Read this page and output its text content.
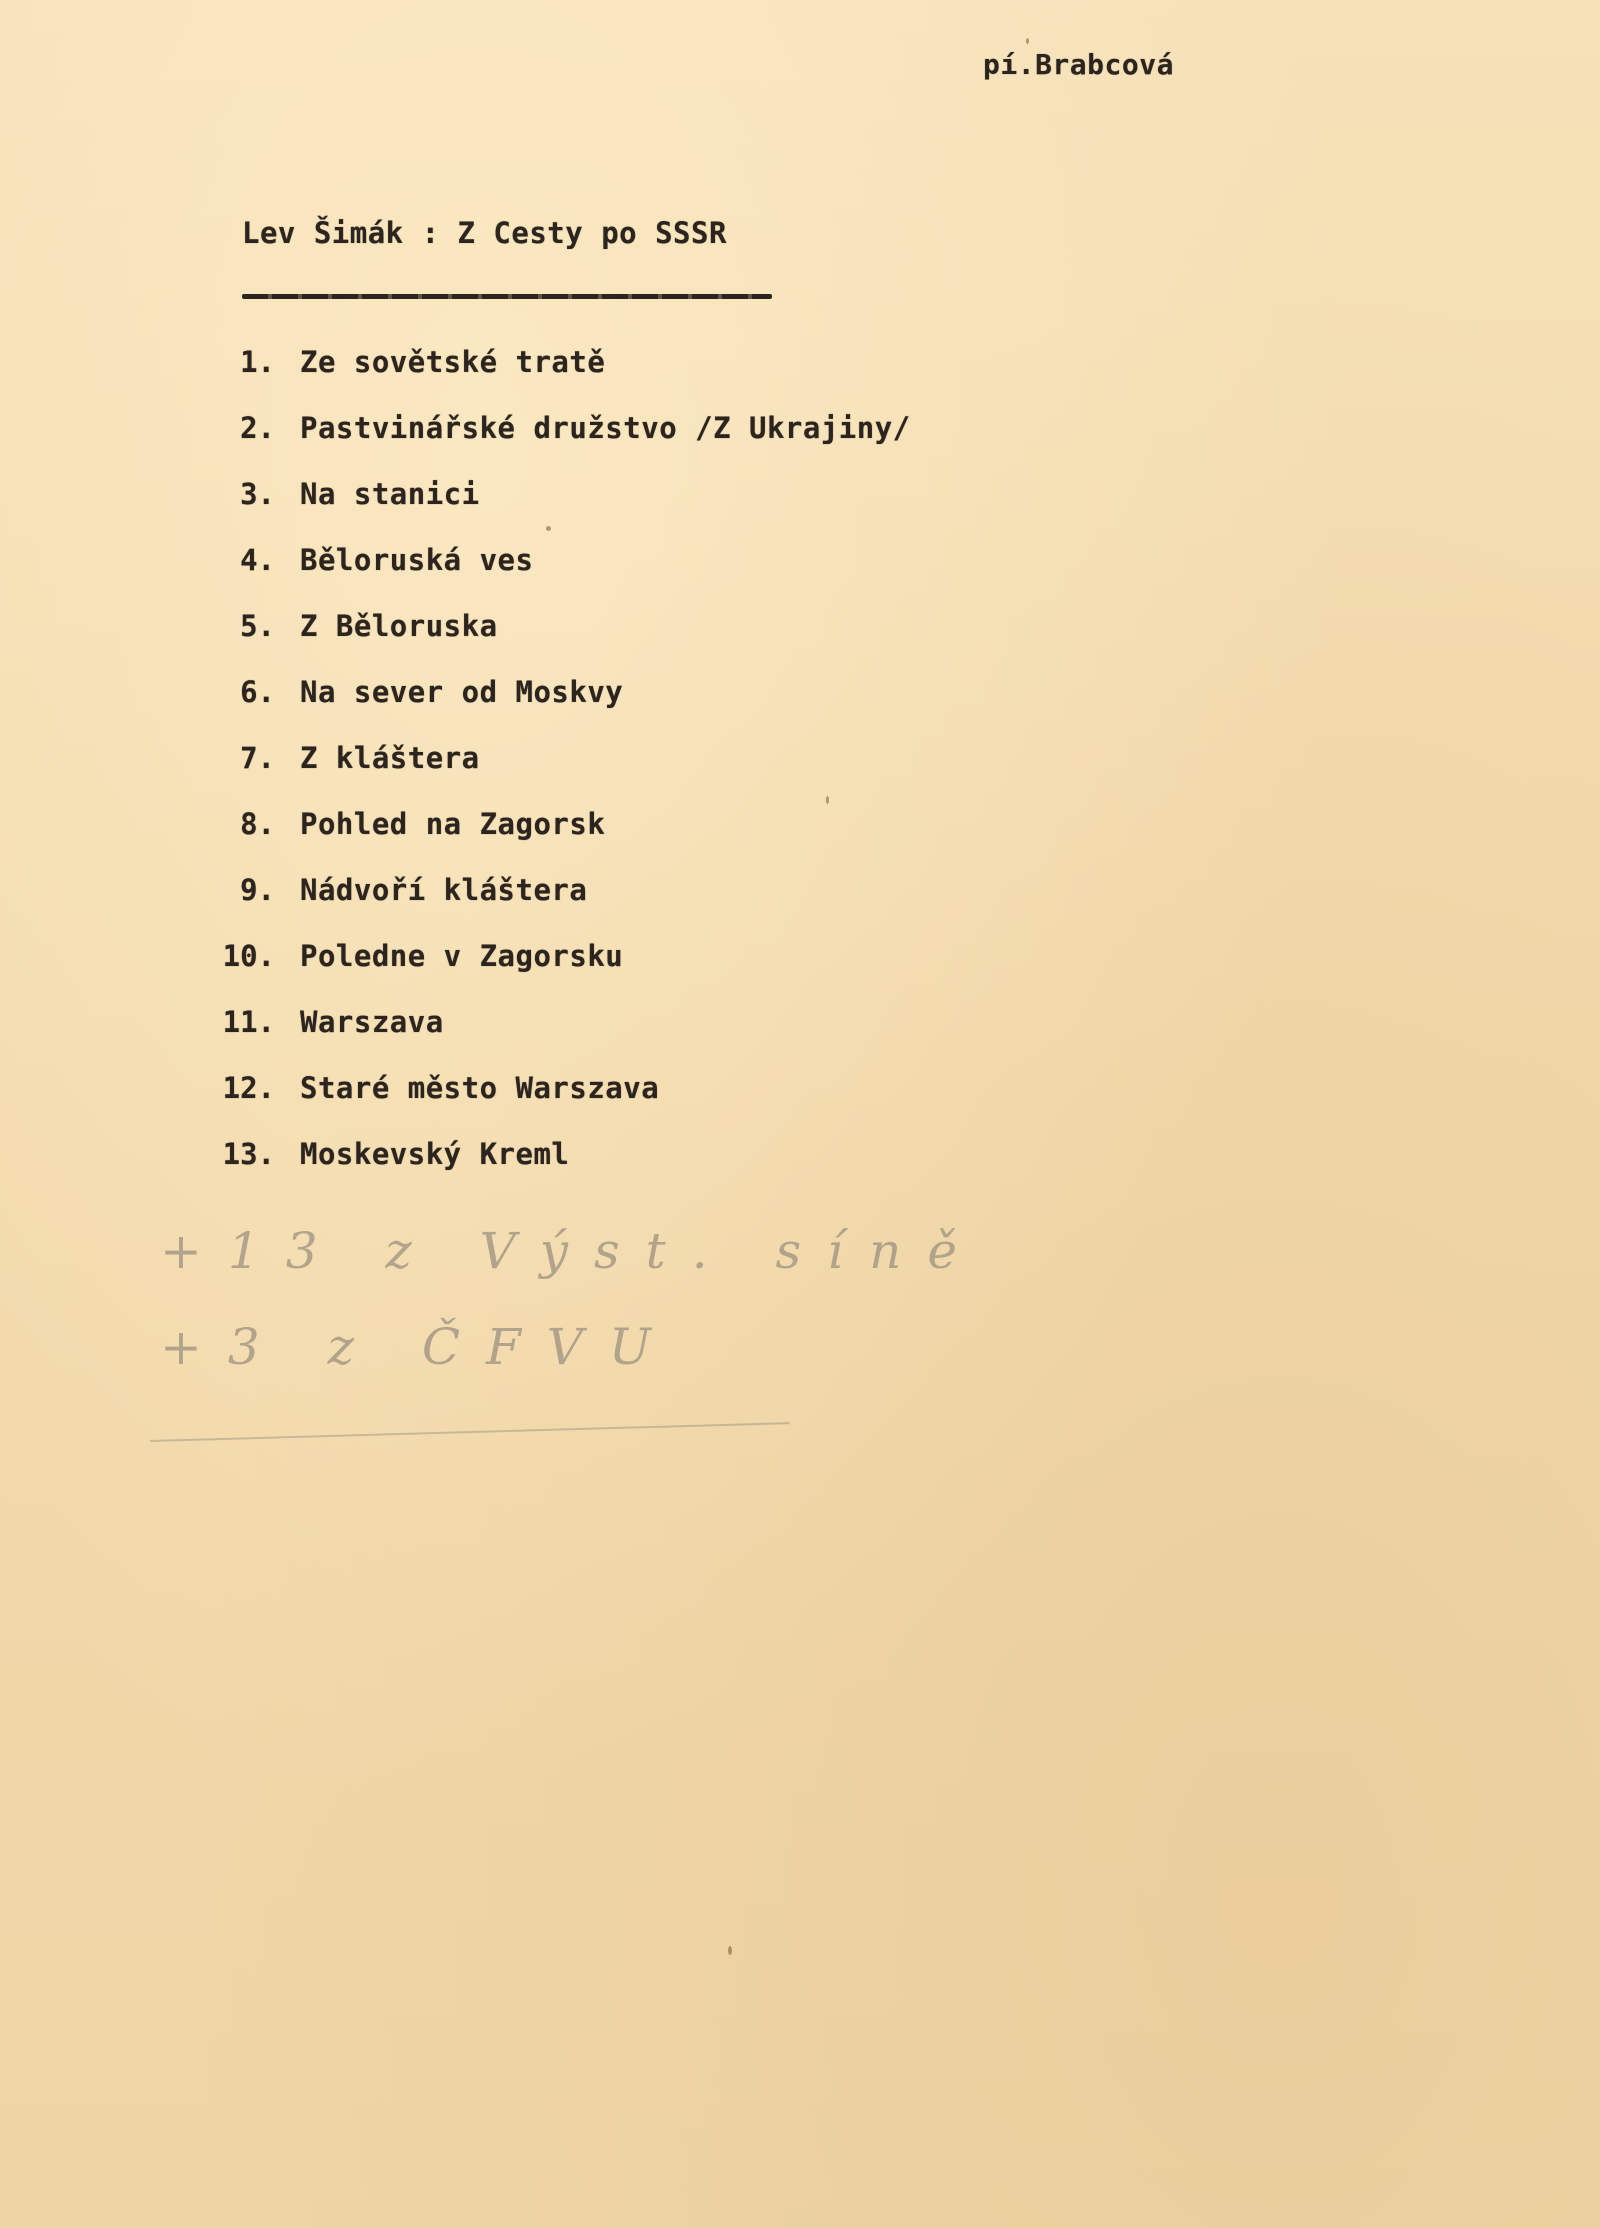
pí.Brabcová
Lev Šimák : Z Cesty po SSSR
1. Ze sovětské tratě
2. Pastvinářské družstvo /Z Ukrajiny/
3. Na stanici
4. Běloruská ves
5. Z Běloruska
6. Na sever od Moskvy
7. Z kláštera
8. Pohled na Zagorsk
9. Nádvoří kláštera
10. Poledne v Zagorsku
11. Warszava
12. Staré město Warszava
13. Moskevský Kreml
+13 z Výst. síně
+3 z ČFVU
